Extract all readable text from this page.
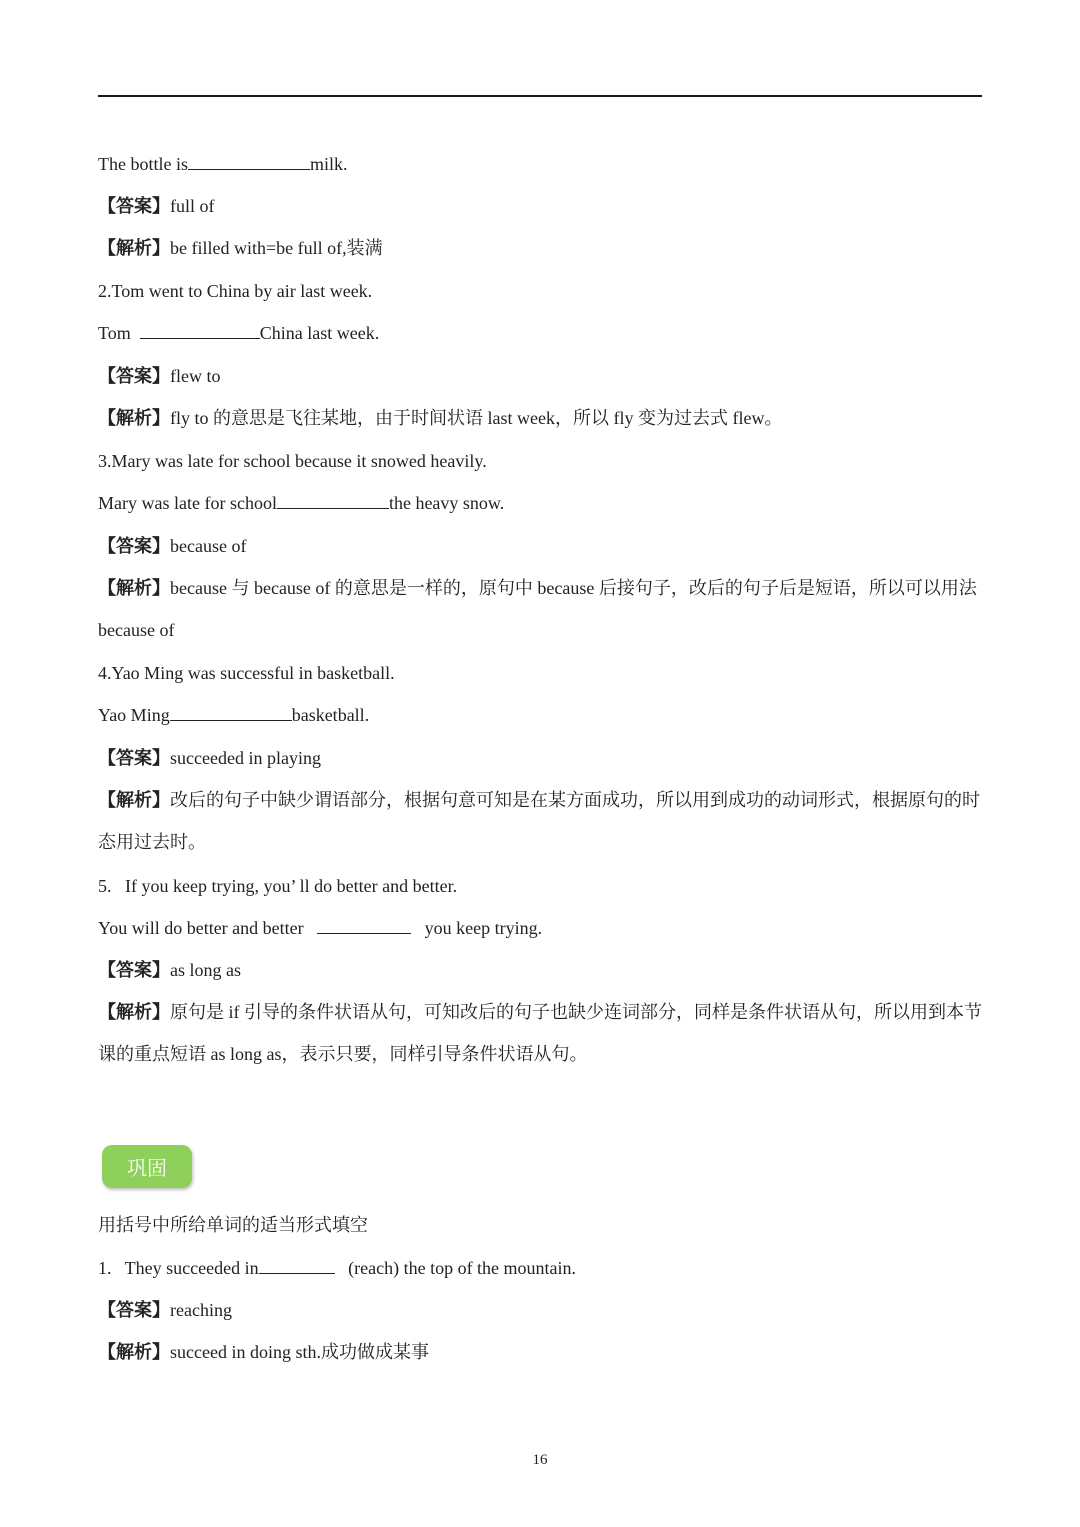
The bottle is	milk.
【答案】full of
【解析】be filled with=be full of,装满
2.Tom went to China by air last week.
Tom	China last week.
【答案】flew to
【解析】fly to 的意思是飞往某地，由于时间状语 last week，所以 fly 变为过去式 flew。
3.Mary was late for school because it snowed heavily.
Mary was late for school	the heavy snow.
【答案】because of
【解析】because 与 because of 的意思是一样的，原句中 because 后接句子，改后的句子后是短语，所以可以用法 because of
4.Yao Ming was successful in basketball.
Yao Ming	basketball.
【答案】succeeded in playing
【解析】改后的句子中缺少谓语部分，根据句意可知是在某方面成功，所以用到成功的动词形式，根据原句的时态用过去时。
5.   If you keep trying, you’ ll do better and better.
You will do better and better	you keep trying.
【答案】as long as
【解析】原句是 if 引导的条件状语从句，可知改后的句子也缺少连词部分，同样是条件状语从句，所以用到本节课的重点短语 as long as，表示只要，同样引导条件状语从句。
巩固
用括号中所给单词的适当形式填空
1.   They succeeded in	(reach) the top of the mountain.
【答案】reaching
【解析】succeed in doing sth.成功做成某事
16
